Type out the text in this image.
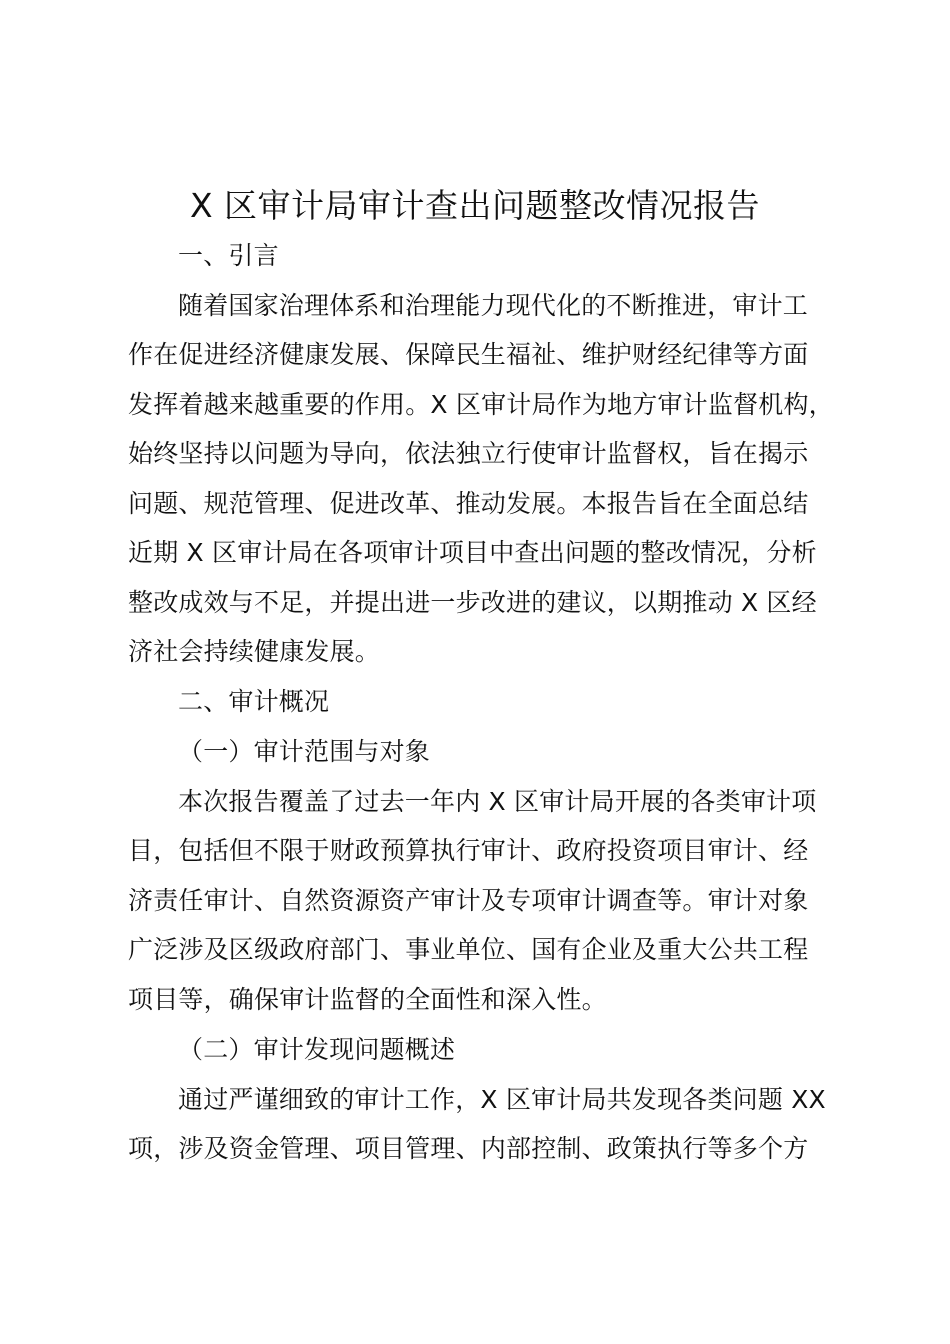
X 区审计局审计查出问题整改情况报告

一、引言

随着国家治理体系和治理能力现代化的不断推进，审计工

作在促进经济健康发展、保障民生福祉、维护财经纪律等方面

发挥着越来越重要的作用。X 区审计局作为地方审计监督机构，

始终坚持以问题为导向，依法独立行使审计监督权，旨在揭示

问题、规范管理、促进改革、推动发展。本报告旨在全面总结

近期 X 区审计局在各项审计项目中查出问题的整改情况，分析

整改成效与不足，并提出进一步改进的建议，以期推动 X 区经

济社会持续健康发展。

二、审计概况

（一）审计范围与对象

本次报告覆盖了过去一年内 X 区审计局开展的各类审计项

目，包括但不限于财政预算执行审计、政府投资项目审计、经

济责任审计、自然资源资产审计及专项审计调查等。审计对象

广泛涉及区级政府部门、事业单位、国有企业及重大公共工程

项目等，确保审计监督的全面性和深入性。

（二）审计发现问题概述

通过严谨细致的审计工作，X 区审计局共发现各类问题 XX

项，涉及资金管理、项目管理、内部控制、政策执行等多个方
